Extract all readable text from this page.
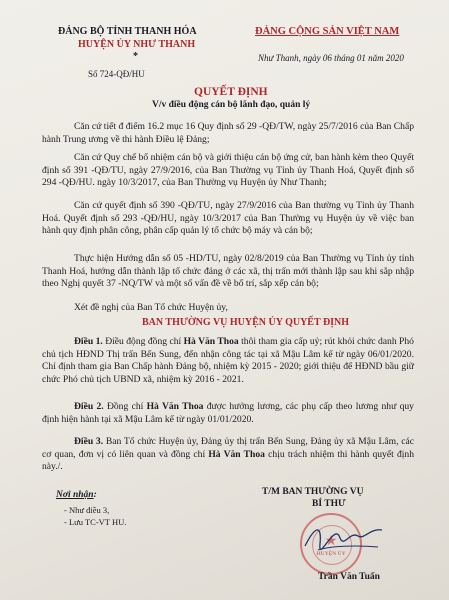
ĐẢNG BỘ TỈNH THANH HÓA
HUYỆN ỦY NHƯ THANH
*
Số 724-QĐ/HU
ĐẢNG CỘNG SẢN VIỆT NAM
Như Thanh, ngày 06 tháng 01 năm 2020
QUYẾT ĐỊNH
V/v điều động cán bộ lãnh đạo, quản lý
Căn cứ tiết đ điểm 16.2 mục 16 Quy định số 29 -QĐ/TW, ngày 25/7/2016 của Ban Chấp hành Trung ương về thi hành Điều lệ Đảng;
Căn cứ Quy chế bổ nhiệm cán bộ và giới thiệu cán bộ ứng cử, ban hành kèm theo Quyết định số 391 -QĐ/TU, ngày 27/9/2016, của Ban Thường vụ Tỉnh ủy Thanh Hoá, Quyết định số 294 -QĐ/HU. ngày 10/3/2017, của Ban Thường vụ Huyện ủy Như Thanh;
Căn cứ quyết định số 390 -QĐ/TU, ngày 27/9/2016 của Ban thường vụ Tỉnh ủy Thanh Hoá. Quyết định số 293 -QĐ/HU, ngày 10/3/2017 của Ban Thường vụ Huyện ủy về việc ban hành quy định phân công, phân cấp quản lý tổ chức bộ máy và cán bộ;
Thực hiện Hướng dẫn số 05 -HD/TU, ngày 02/8/2019 của Ban Thường vụ Tỉnh ủy tỉnh Thanh Hoá, hướng dẫn thành lập tổ chức đảng ở các xã, thị trấn mới thành lập sau khi sắp nhập theo Nghị quyết 37 -NQ/TW và một số vấn đề về bố trí, sắp xếp cán bộ;
Xét đề nghị của Ban Tổ chức Huyện ủy,
BAN THƯỜNG VỤ HUYỆN ỦY QUYẾT ĐỊNH
Điều 1. Điều động đồng chí Hà Văn Thoa thôi tham gia cấp uỷ; rút khỏi chức danh Phó chủ tịch HĐND Thị trấn Bến Sung, đến nhận công tác tại xã Mậu Lâm kể từ ngày 06/01/2020. Chỉ định tham gia Ban Chấp hành Đảng bộ, nhiệm kỳ 2015 - 2020; giới thiệu để HĐND bầu giữ chức Phó chủ tịch UBND xã, nhiệm kỳ 2016 - 2021.
Điều 2. Đồng chí Hà Văn Thoa được hưởng lương, các phụ cấp theo lương như quy định hiện hành tại xã Mậu Lâm kể từ ngày 01/01/2020.
Điều 3. Ban Tổ chức Huyện ủy, Đảng ủy thị trấn Bến Sung, Đảng ủy xã Mậu Lâm, các cơ quan, đơn vị có liên quan và đồng chí Hà Văn Thoa chịu trách nhiệm thi hành quyết định này./.
Nơi nhận:
- Như điều 3,
- Lưu TC-VT HU.
T/M BAN THƯỜNG VỤ
BÍ THƯ
★
HUYỆN ỦY
Trần Văn Tuấn
